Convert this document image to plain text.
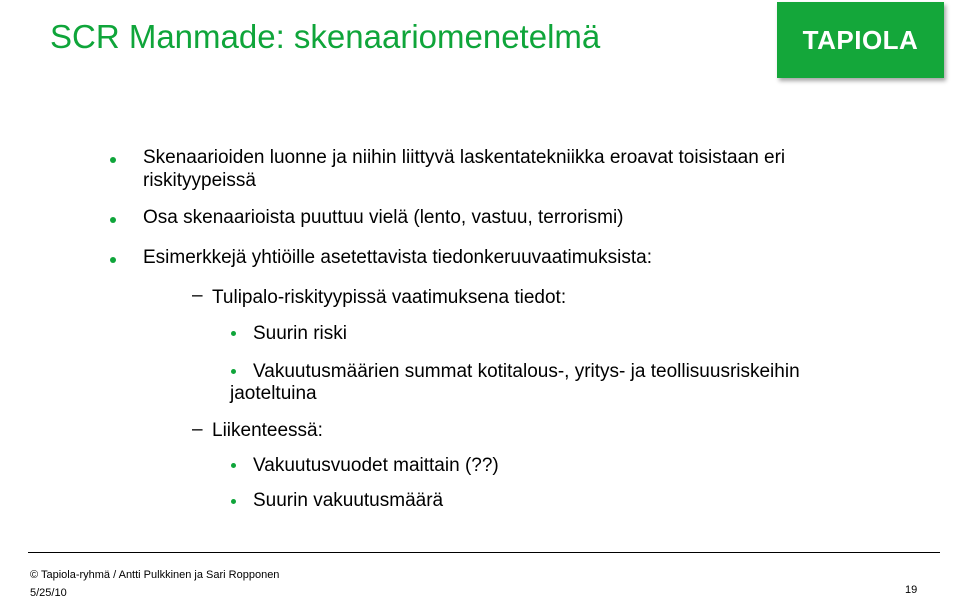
SCR Manmade: skenaariomenetelmä	TAPIOLA
Skenaarioiden luonne ja niihin liittyvä laskentatekniikka eroavat toisistaan eri riskityypeissä
Osa skenaarioista puuttuu vielä (lento, vastuu, terrorismi)
Esimerkkejä yhtiöille asetettavista tiedonkeruuvaatimuksista:
– Tulipalo-riskityypissä vaatimuksena tiedot:
Suurin riski
Vakuutusmäärien summat kotitalous-, yritys- ja teollisuusriskeihin
jaoteltuina
– Liikenteessä:
Vakuutusvuodet maittain (??)
Suurin vakuutusmäärä
© Tapiola-ryhmä / Antti Pulkkinen ja Sari Ropponen
5/25/10	19
